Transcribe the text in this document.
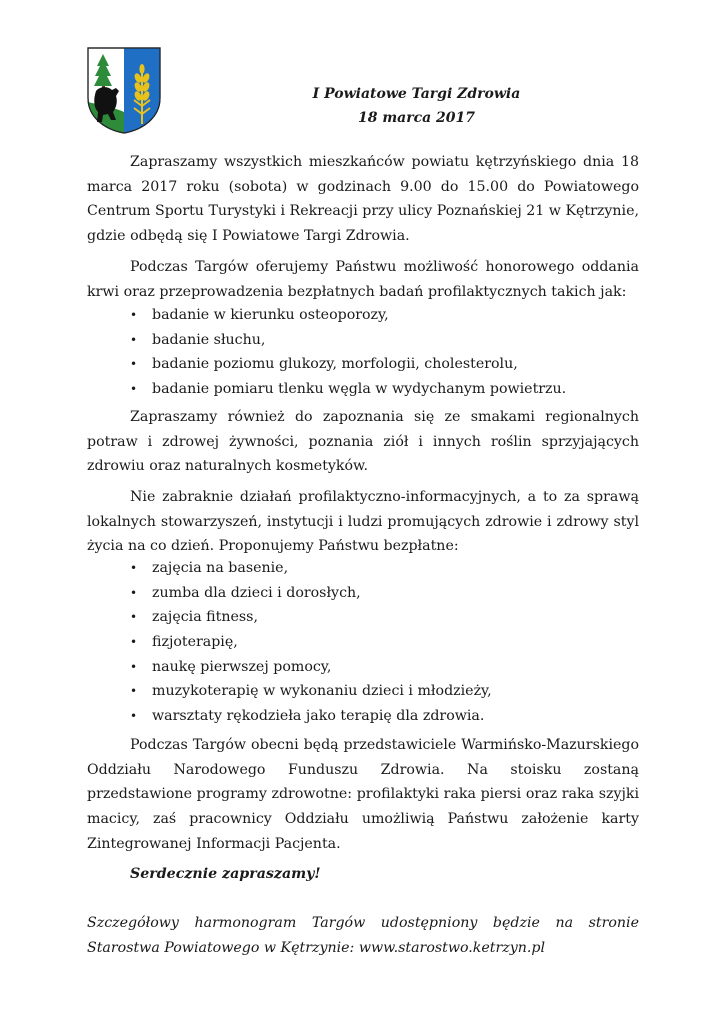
I Powiatowe Targi Zdrowia
18 marca 2017

Zapraszamy wszystkich mieszkańców powiatu kętrzyńskiego dnia 18 marca 2017 roku (sobota) w godzinach 9.00 do 15.00 do Powiatowego Centrum Sportu Turystyki i Rekreacji przy ulicy Poznańskiej 21 w Kętrzynie, gdzie odbędą się I Powiatowe Targi Zdrowia.

Podczas Targów oferujemy Państwu możliwość honorowego oddania krwi oraz przeprowadzenia bezpłatnych badań profilaktycznych takich jak:

• badanie w kierunku osteoporozy,
• badanie słuchu,
• badanie poziomu glukozy, morfologii, cholesterolu,
• badanie pomiaru tlenku węgla w wydychanym powietrzu.

Zapraszamy również do zapoznania się ze smakami regionalnych potraw i zdrowej żywności, poznania ziół i innych roślin sprzyjających zdrowiu oraz naturalnych kosmetyków.

Nie zabraknie działań profilaktyczno-informacyjnych, a to za sprawą lokalnych stowarzyszeń, instytucji i ludzi promujących zdrowie i zdrowy styl życia na co dzień. Proponujemy Państwu bezpłatne:

• zajęcia na basenie,
• zumba dla dzieci i dorosłych,
• zajęcia fitness,
• fizjoterapię,
• naukę pierwszej pomocy,
• muzykoterapię w wykonaniu dzieci i młodzieży,
• warsztaty rękodzieła jako terapię dla zdrowia.

Podczas Targów obecni będą przedstawiciele Warmińsko-Mazurskiego Oddziału Narodowego Funduszu Zdrowia. Na stoisku zostaną przedstawione programy zdrowotne: profilaktyki raka piersi oraz raka szyjki macicy, zaś pracownicy Oddziału umożliwią Państwu założenie karty Zintegrowanej Informacji Pacjenta.

Serdecznie zapraszamy!

Szczegółowy harmonogram Targów udostępniony będzie na stronie Starostwa Powiatowego w Kętrzynie: www.starostwo.ketrzyn.pl
